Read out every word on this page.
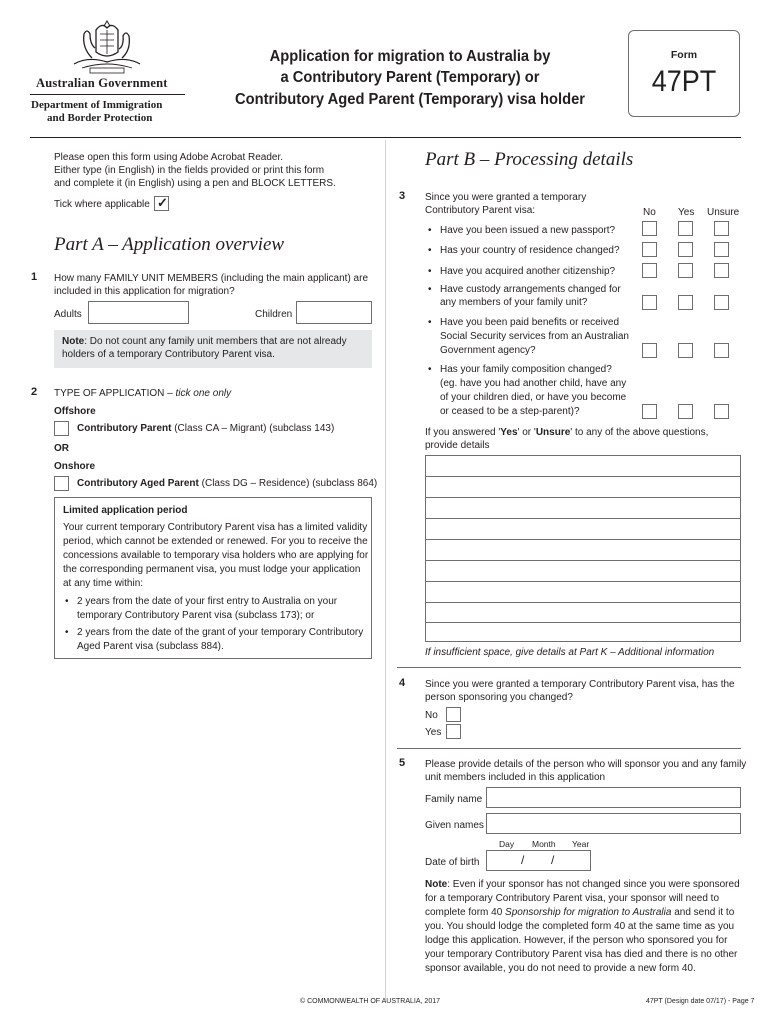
Australian Government
Department of Immigration
and Border Protection
Application for migration to Australia by
a Contributory Parent (Temporary) or
Contributory Aged Parent (Temporary) visa holder
Form
47PT
Please open this form using Adobe Acrobat Reader.
Either type (in English) in the fields provided or print this form
and complete it (in English) using a pen and BLOCK LETTERS.
Tick where applicable ✓
Part A – Application overview
1 How many FAMILY UNIT MEMBERS (including the main applicant) are
included in this application for migration?
Adults	Children
Note: Do not count any family unit members that are not already
holders of a temporary Contributory Parent visa.
2 TYPE OF APPLICATION – tick one only
Offshore
Contributory Parent (Class CA – Migrant) (subclass 143)
OR
Onshore
Contributory Aged Parent (Class DG – Residence) (subclass 864)
Limited application period
Your current temporary Contributory Parent visa has a limited validity
period, which cannot be extended or renewed. For you to receive the
concessions available to temporary visa holders who are applying for
the corresponding permanent visa, you must lodge your application
at any time within:
• 2 years from the date of your first entry to Australia on your
temporary Contributory Parent visa (subclass 173); or
• 2 years from the date of the grant of your temporary Contributory
Aged Parent visa (subclass 884).
Part B – Processing details
3 Since you were granted a temporary
Contributory Parent visa:	No Yes Unsure
• Have you been issued a new passport?
• Has your country of residence changed?
• Have you acquired another citizenship?
• Have custody arrangements changed for
any members of your family unit?
• Have you been paid benefits or received
Social Security services from an Australian
Government agency?
• Has your family composition changed?
(eg. have you had another child, have any
of your children died, or have you become
or ceased to be a step-parent)?
If you answered 'Yes' or 'Unsure' to any of the above questions,
provide details
If insufficient space, give details at Part K – Additional information
4 Since you were granted a temporary Contributory Parent visa, has the
person sponsoring you changed?
No
Yes
5 Please provide details of the person who will sponsor you and any family
unit members included in this application
Family name
Given names
Day Month Year
Date of birth	/ /
Note: Even if your sponsor has not changed since you were sponsored
for a temporary Contributory Parent visa, your sponsor will need to
complete form 40 Sponsorship for migration to Australia and send it to
you. You should lodge the completed form 40 at the same time as you
lodge this application. However, if the person who sponsored you for
your temporary Contributory Parent visa has died and there is no other
sponsor available, you do not need to provide a new form 40.
© COMMONWEALTH OF AUSTRALIA, 2017	47PT (Design date 07/17) - Page 7
